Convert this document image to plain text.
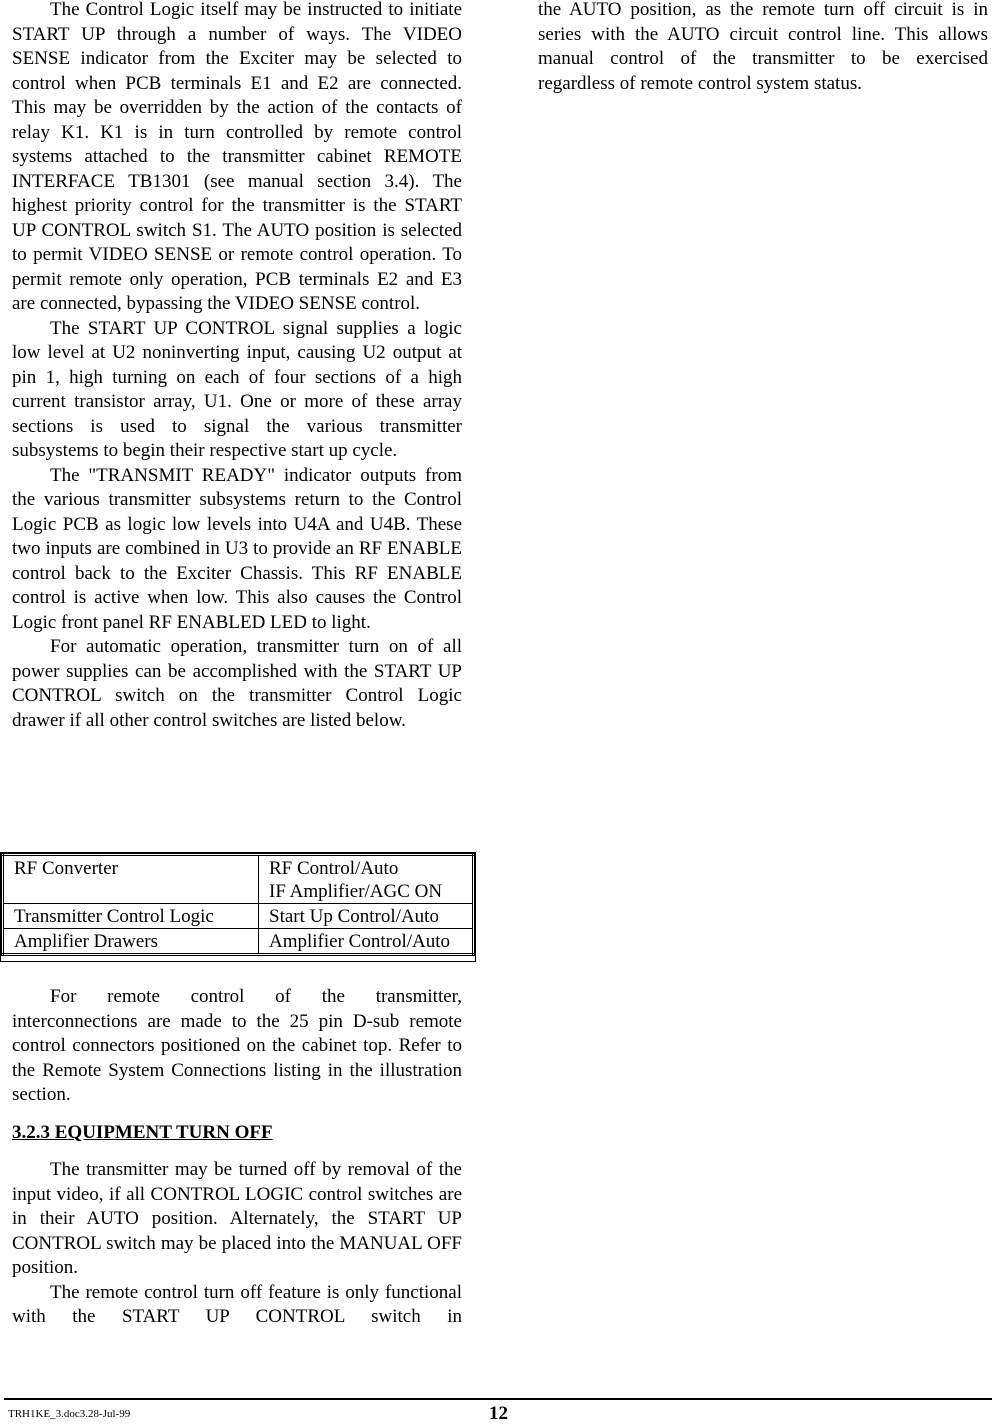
The Control Logic itself may be instructed to initiate START UP through a number of ways. The VIDEO SENSE indicator from the Exciter may be selected to control when PCB terminals E1 and E2 are connected. This may be overridden by the action of the contacts of relay K1. K1 is in turn controlled by remote control systems attached to the transmitter cabinet REMOTE INTERFACE TB1301 (see manual section 3.4). The highest priority control for the transmitter is the START UP CONTROL switch S1. The AUTO position is selected to permit VIDEO SENSE or remote control operation. To permit remote only operation, PCB terminals E2 and E3 are connected, bypassing the VIDEO SENSE control.

The START UP CONTROL signal supplies a logic low level at U2 noninverting input, causing U2 output at pin 1, high turning on each of four sections of a high current transistor array, U1. One or more of these array sections is used to signal the various transmitter subsystems to begin their respective start up cycle.

The "TRANSMIT READY" indicator outputs from the various transmitter subsystems return to the Control Logic PCB as logic low levels into U4A and U4B. These two inputs are combined in U3 to provide an RF ENABLE control back to the Exciter Chassis. This RF ENABLE control is active when low. This also causes the Control Logic front panel RF ENABLED LED to light.

For automatic operation, transmitter turn on of all power supplies can be accomplished with the START UP CONTROL switch on the transmitter Control Logic drawer if all other control switches are listed below.

RF Converter	RF Control/Auto
IF Amplifier/AGC ON

Transmitter Control Logic	Start Up Control/Auto
Amplifier Drawers	Amplifier Control/Auto

For remote control of the transmitter, interconnections are made to the 25 pin D-sub remote control connectors positioned on the cabinet top. Refer to the Remote System Connections listing in the illustration section.

3.2.3 EQUIPMENT TURN OFF

The transmitter may be turned off by removal of the input video, if all CONTROL LOGIC control switches are in their AUTO position. Alternately, the START UP CONTROL switch may be placed into the MANUAL OFF position.

The remote control turn off feature is only functional with the START UP CONTROL switch in

the AUTO position, as the remote turn off circuit is in series with the AUTO circuit control line. This allows manual control of the transmitter to be exercised regardless of remote control system status.

TRH1KE_3.doc3.28-Jul-99	12
